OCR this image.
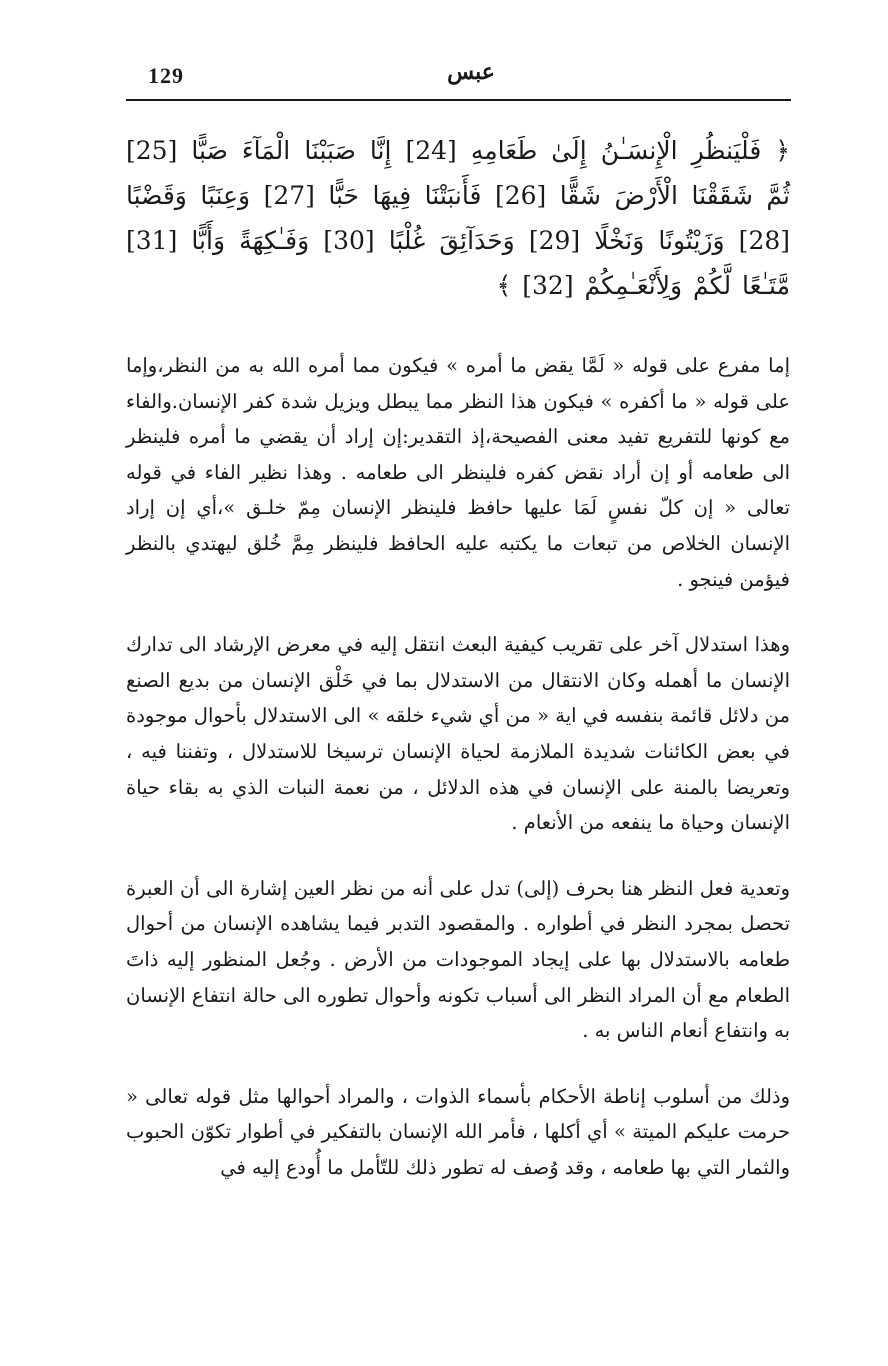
129	عبس

﴿ فَلْيَنظُرِ الْإِنسَـٰنُ إِلَىٰ طَعَامِهِ [24] إِنَّا صَبَبْنَا الْمَآءَ صَبًّا [25] ثُمَّ شَقَقْنَا الْأَرْضَ شَقًّا [26] فَأَنبَتْنَا فِيهَا حَبًّا [27] وَعِنَبًا وَقَضْبًا [28] وَزَيْتُونًا وَنَخْلًا [29] وَحَدَآئِقَ غُلْبًا [30] وَفَـٰكِهَةً وَأَبًّا [31] مَّتَـٰعًا لَّكُمْ وَلِأَنْعَـٰمِكُمْ [32] ﴾

إما مفرع على قوله « لَمَّا يقض ما أمره » فيكون مما أمره الله به من النظر،وإما على قوله « ما أكفره » فيكون هذا النظر مما يبطل ويزيل شدة كفر الإنسان.والفاء مع كونها للتفريع تفيد معنى الفصيحة،إذ التقدير:إن إراد أن يقضي ما أمره فلينظر الى طعامه أو إن أراد نقض كفره فلينظر الى طعامه . وهذا نظير الفاء في قوله تعالى « إن كلّ نفسٍ لَمَا عليها حافظ فلينظر الإنسان مِمّ خلـق »،أي إن إراد الإنسان الخلاص من تبعات ما يكتبه عليه الحافظ فلينظر مِمَّ خُلق ليهتدي بالنظر فيؤمن فينجو .

وهذا استدلال آخر على تقريب كيفية البعث انتقل إليه في معرض الإرشاد الى تدارك الإنسان ما أهمله وكان الانتقال من الاستدلال بما في خَلْق الإنسان من بديع الصنع من دلائل قائمة بنفسه في اية « من أي شيء خلقه » الى الاستدلال بأحوال موجودة في بعض الكائنات شديدة الملازمة لحياة الإنسان ترسيخا للاستدلال ، وتفننا فيه ، وتعريضا بالمنة على الإنسان في هذه الدلائل ، من نعمة النبات الذي به بقاء حياة الإنسان وحياة ما ينفعه من الأنعام .

وتعدية فعل النظر هنا بحرف (إلى) تدل على أنه من نظر العين إشارة الى أن العبرة تحصل بمجرد النظر في أطواره . والمقصود التدبر فيما يشاهده الإنسان من أحوال طعامه بالاستدلال بها على إيجاد الموجودات من الأرض . وجُعل المنظور إليه ذاتَ الطعام مع أن المراد النظر الى أسباب تكونه وأحوال تطوره الى حالة انتفاع الإنسان به وانتفاع أنعام الناس به .

وذلك من أسلوب إناطة الأحكام بأسماء الذوات ، والمراد أحوالها مثل قوله تعالى « حرمت عليكم الميتة » أي أكلها ، فأمر الله الإنسان بالتفكير في أطوار تكوّن الحبوب والثمار التي بها طعامه ، وقد وُصف له تطور ذلك للتّأمل ما أُودع إليه في
